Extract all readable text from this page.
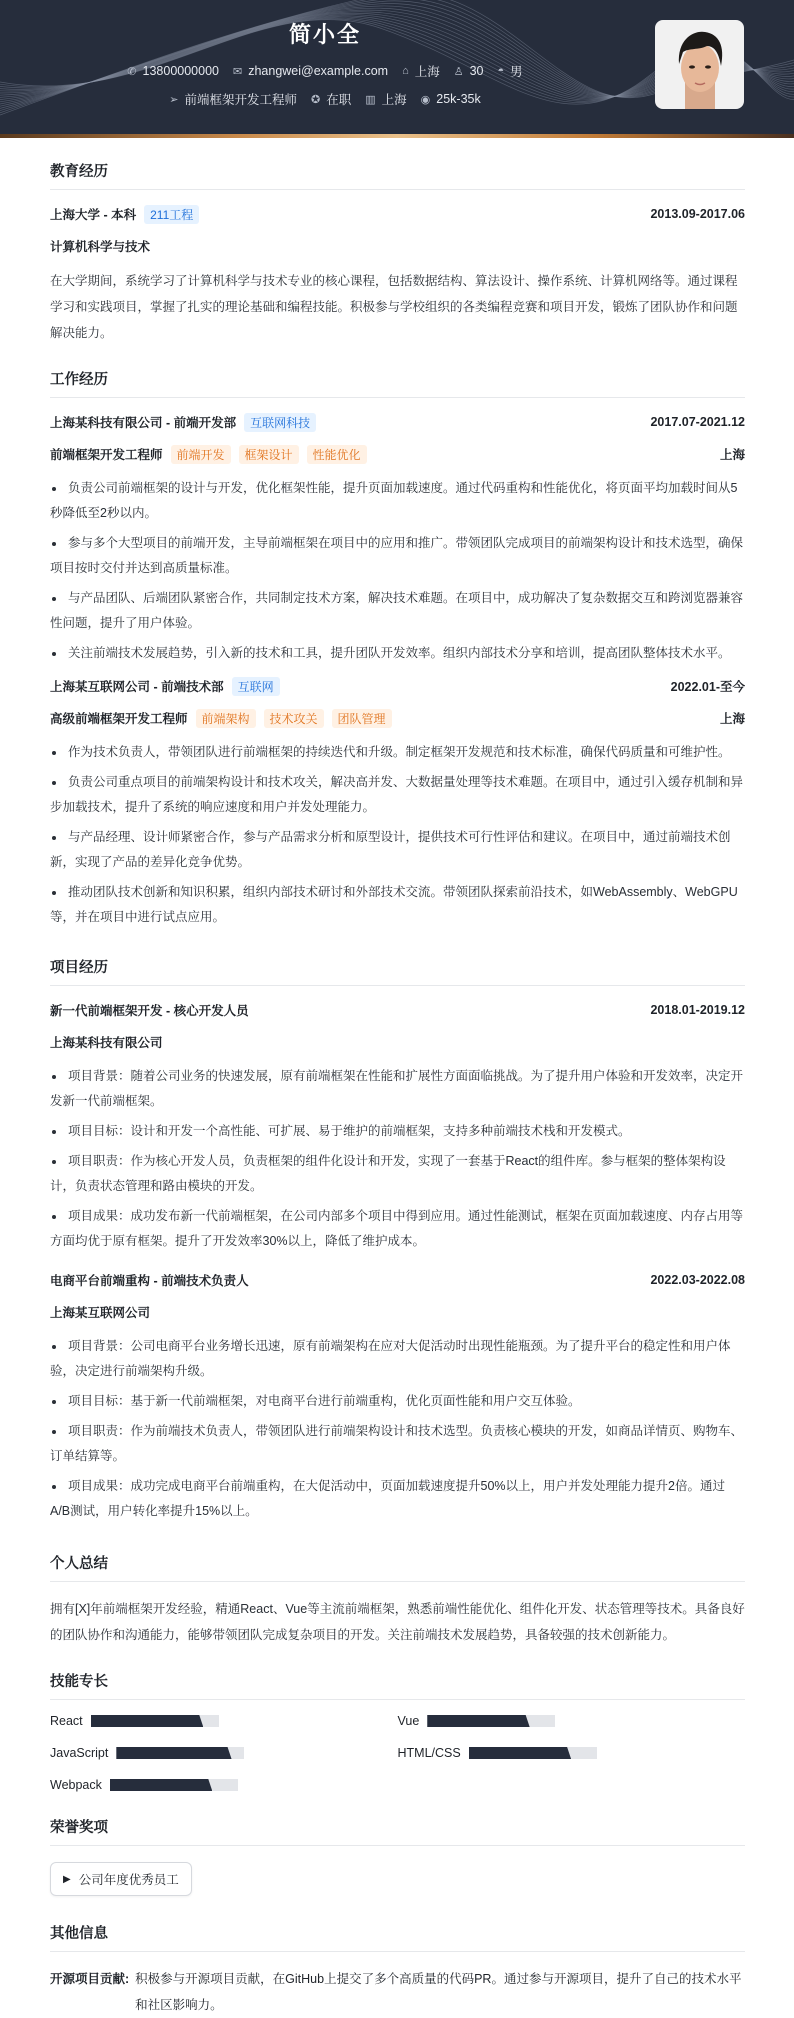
简小全
✆ 13800000000 ✉ zhangwei@example.com ⌂ 上海 ♙ 30 ◓ 男
➢ 前端框架开发工程师 ✪ 在职 ▥ 上海 ◉ 25k-35k
教育经历
上海大学 - 本科	211工程	2013.09-2017.06
计算机科学与技术
在大学期间，系统学习了计算机科学与技术专业的核心课程，包括数据结构、算法设计、操作系统、计算机网络等。通过课程学习和实践项目，掌握了扎实的理论基础和编程技能。积极参与学校组织的各类编程竞赛和项目开发，锻炼了团队协作和问题解决能力。
工作经历
上海某科技有限公司 - 前端开发部	互联网科技	2017.07-2021.12
前端框架开发工程师	前端开发	框架设计	性能优化	上海
负责公司前端框架的设计与开发，优化框架性能，提升页面加载速度。通过代码重构和性能优化，将页面平均加载时间从5秒降低至2秒以内。
参与多个大型项目的前端开发，主导前端框架在项目中的应用和推广。带领团队完成项目的前端架构设计和技术选型，确保项目按时交付并达到高质量标准。
与产品团队、后端团队紧密合作，共同制定技术方案，解决技术难题。在项目中，成功解决了复杂数据交互和跨浏览器兼容性问题，提升了用户体验。
关注前端技术发展趋势，引入新的技术和工具，提升团队开发效率。组织内部技术分享和培训，提高团队整体技术水平。
上海某互联网公司 - 前端技术部	互联网	2022.01-至今
高级前端框架开发工程师	前端架构	技术攻关	团队管理	上海
作为技术负责人，带领团队进行前端框架的持续迭代和升级。制定框架开发规范和技术标准，确保代码质量和可维护性。
负责公司重点项目的前端架构设计和技术攻关，解决高并发、大数据量处理等技术难题。在项目中，通过引入缓存机制和异步加载技术，提升了系统的响应速度和用户并发处理能力。
与产品经理、设计师紧密合作，参与产品需求分析和原型设计，提供技术可行性评估和建议。在项目中，通过前端技术创新，实现了产品的差异化竞争优势。
推动团队技术创新和知识积累，组织内部技术研讨和外部技术交流。带领团队探索前沿技术，如WebAssembly、WebGPU等，并在项目中进行试点应用。
项目经历
新一代前端框架开发 - 核心开发人员	2018.01-2019.12
上海某科技有限公司
项目背景：随着公司业务的快速发展，原有前端框架在性能和扩展性方面面临挑战。为了提升用户体验和开发效率，决定开发新一代前端框架。
项目目标：设计和开发一个高性能、可扩展、易于维护的前端框架，支持多种前端技术栈和开发模式。
项目职责：作为核心开发人员，负责框架的组件化设计和开发，实现了一套基于React的组件库。参与框架的整体架构设计，负责状态管理和路由模块的开发。
项目成果：成功发布新一代前端框架，在公司内部多个项目中得到应用。通过性能测试，框架在页面加载速度、内存占用等方面均优于原有框架。提升了开发效率30%以上，降低了维护成本。
电商平台前端重构 - 前端技术负责人	2022.03-2022.08
上海某互联网公司
项目背景：公司电商平台业务增长迅速，原有前端架构在应对大促活动时出现性能瓶颈。为了提升平台的稳定性和用户体验，决定进行前端架构升级。
项目目标：基于新一代前端框架，对电商平台进行前端重构，优化页面性能和用户交互体验。
项目职责：作为前端技术负责人，带领团队进行前端架构设计和技术选型。负责核心模块的开发，如商品详情页、购物车、订单结算等。
项目成果：成功完成电商平台前端重构，在大促活动中，页面加载速度提升50%以上，用户并发处理能力提升2倍。通过A/B测试，用户转化率提升15%以上。
个人总结
拥有[X]年前端框架开发经验，精通React、Vue等主流前端框架，熟悉前端性能优化、组件化开发、状态管理等技术。具备良好的团队协作和沟通能力，能够带领团队完成复杂项目的开发。关注前端技术发展趋势，具备较强的技术创新能力。
技能专长
React	Vue
JavaScript	HTML/CSS
Webpack
荣誉奖项
▶ 公司年度优秀员工
其他信息
开源项目贡献: 积极参与开源项目贡献，在GitHub上提交了多个高质量的代码PR。通过参与开源项目，提升了自己的技术水平和社区影响力。
